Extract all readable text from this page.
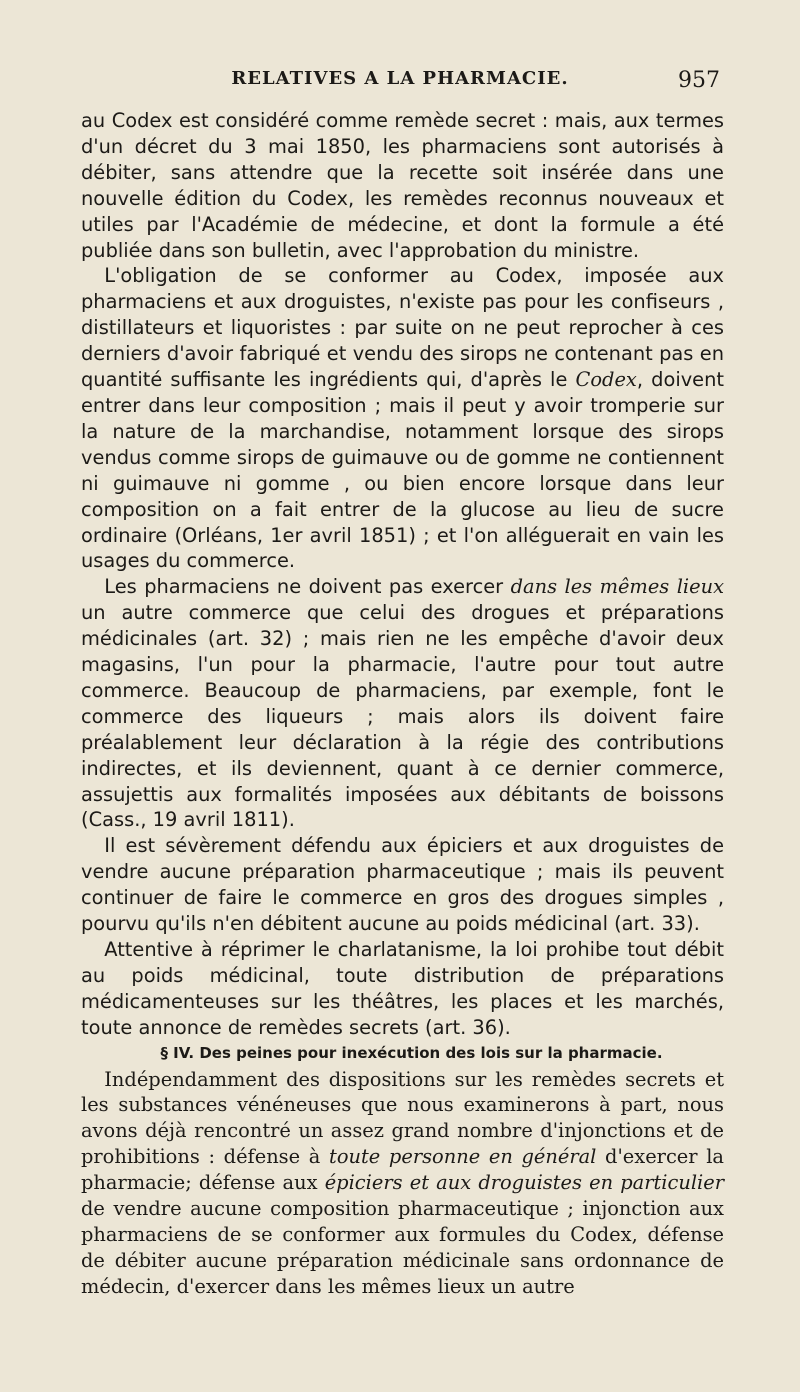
RELATIVES A LA PHARMACIE.	957

au Codex est considéré comme remède secret : mais, aux termes d'un décret du 3 mai 1850, les pharmaciens sont autorisés à débiter, sans attendre que la recette soit insérée dans une nouvelle édition du Codex, les remèdes reconnus nouveaux et utiles par l'Académie de médecine, et dont la formule a été publiée dans son bulletin, avec l'approbation du ministre.

L'obligation de se conformer au Codex, imposée aux pharmaciens et aux droguistes, n'existe pas pour les confiseurs , distillateurs et liquoristes : par suite on ne peut reprocher à ces derniers d'avoir fabriqué et vendu des sirops ne contenant pas en quantité suffisante les ingrédients qui, d'après le Codex, doivent entrer dans leur composition ; mais il peut y avoir tromperie sur la nature de la marchandise, notamment lorsque des sirops vendus comme sirops de guimauve ou de gomme ne contiennent ni guimauve ni gomme , ou bien encore lorsque dans leur composition on a fait entrer de la glucose au lieu de sucre ordinaire (Orléans, 1er avril 1851) ; et l'on alléguerait en vain les usages du commerce.

Les pharmaciens ne doivent pas exercer dans les mêmes lieux un autre commerce que celui des drogues et préparations médicinales (art. 32) ; mais rien ne les empêche d'avoir deux magasins, l'un pour la pharmacie, l'autre pour tout autre commerce. Beaucoup de pharmaciens, par exemple, font le commerce des liqueurs ; mais alors ils doivent faire préalablement leur déclaration à la régie des contributions indirectes, et ils deviennent, quant à ce dernier commerce, assujettis aux formalités imposées aux débitants de boissons (Cass., 19 avril 1811).

Il est sévèrement défendu aux épiciers et aux droguistes de vendre aucune préparation pharmaceutique ; mais ils peuvent continuer de faire le commerce en gros des drogues simples , pourvu qu'ils n'en débitent aucune au poids médicinal (art. 33).

Attentive à réprimer le charlatanisme, la loi prohibe tout débit au poids médicinal, toute distribution de préparations médicamenteuses sur les théâtres, les places et les marchés, toute annonce de remèdes secrets (art. 36).

§ IV. Des peines pour inexécution des lois sur la pharmacie.

Indépendamment des dispositions sur les remèdes secrets et les substances vénéneuses que nous examinerons à part, nous avons déjà rencontré un assez grand nombre d'injonctions et de prohibitions : défense à toute personne en général d'exercer la pharmacie; défense aux épiciers et aux droguistes en particulier de vendre aucune composition pharmaceutique ; injonction aux pharmaciens de se conformer aux formules du Codex, défense de débiter aucune préparation médicinale sans ordonnance de médecin, d'exercer dans les mêmes lieux un autre
